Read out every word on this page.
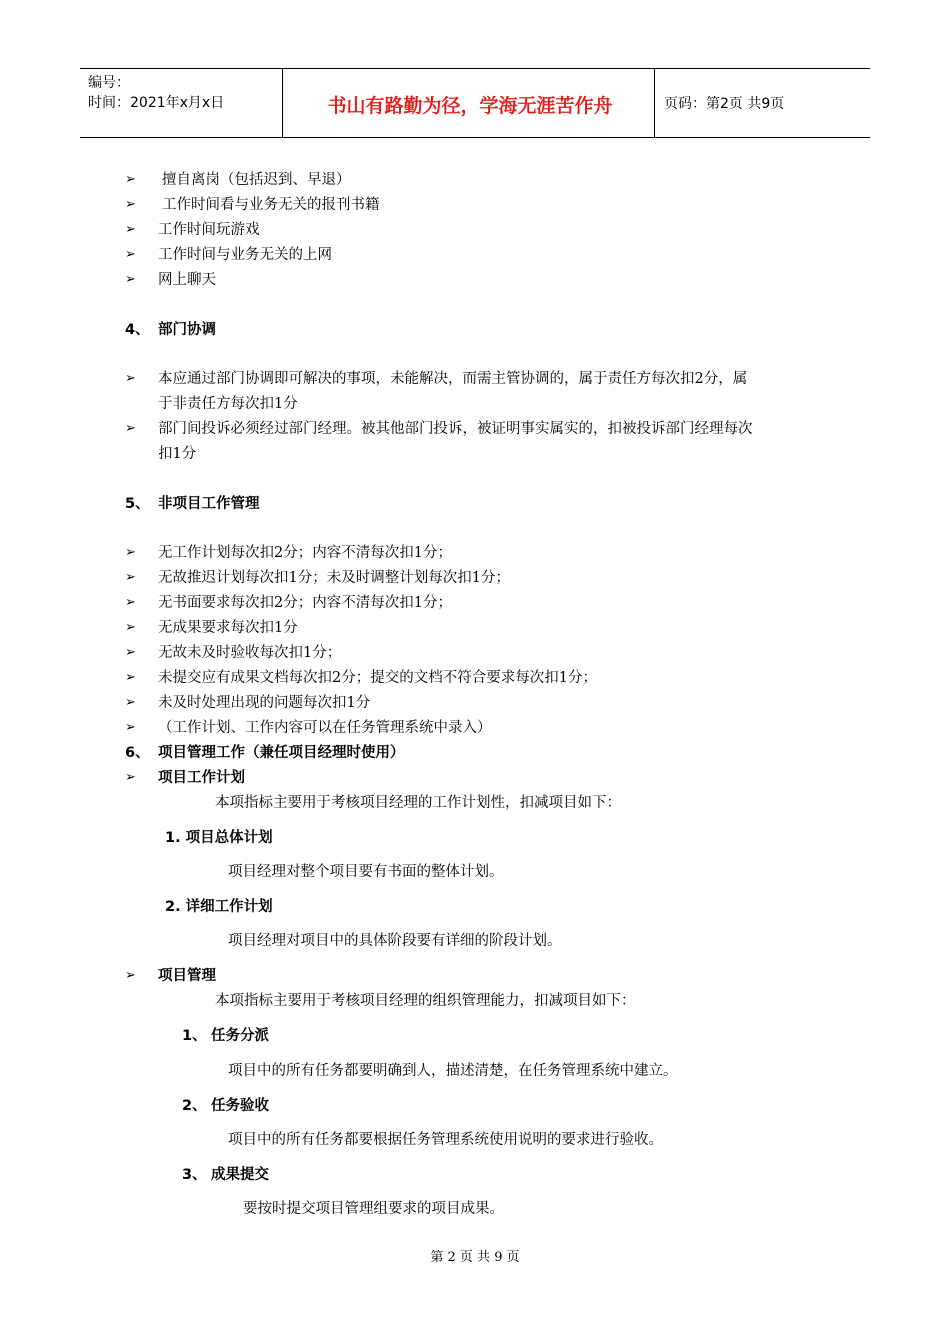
编号：
时间：2021年x月x日	书山有路勤为径，学海无涯苦作舟	页码：第2页 共9页
➢ 擅自离岗（包括迟到、早退）
➢ 工作时间看与业务无关的报刊书籍
➢ 工作时间玩游戏
➢ 工作时间与业务无关的上网
➢ 网上聊天
4、 部门协调
➢ 本应通过部门协调即可解决的事项，未能解决，而需主管协调的，属于责任方每次扣2分，属
于非责任方每次扣1分
➢ 部门间投诉必须经过部门经理。被其他部门投诉，被证明事实属实的，扣被投诉部门经理每次
扣1分
5、 非项目工作管理
➢ 无工作计划每次扣2分；内容不清每次扣1分；
➢ 无故推迟计划每次扣1分；未及时调整计划每次扣1分；
➢ 无书面要求每次扣2分；内容不清每次扣1分；
➢ 无成果要求每次扣1分
➢ 无故未及时验收每次扣1分；
➢ 未提交应有成果文档每次扣2分；提交的文档不符合要求每次扣1分；
➢ 未及时处理出现的问题每次扣1分
➢ （工作计划、工作内容可以在任务管理系统中录入）
6、 项目管理工作（兼任项目经理时使用）
➢ 项目工作计划
本项指标主要用于考核项目经理的工作计划性，扣减项目如下：
1. 项目总体计划
项目经理对整个项目要有书面的整体计划。
2. 详细工作计划
项目经理对项目中的具体阶段要有详细的阶段计划。
➢ 项目管理
本项指标主要用于考核项目经理的组织管理能力，扣减项目如下：
1、 任务分派
项目中的所有任务都要明确到人，描述清楚，在任务管理系统中建立。
2、 任务验收
项目中的所有任务都要根据任务管理系统使用说明的要求进行验收。
3、 成果提交
要按时提交项目管理组要求的项目成果。
第 2 页 共 9 页
